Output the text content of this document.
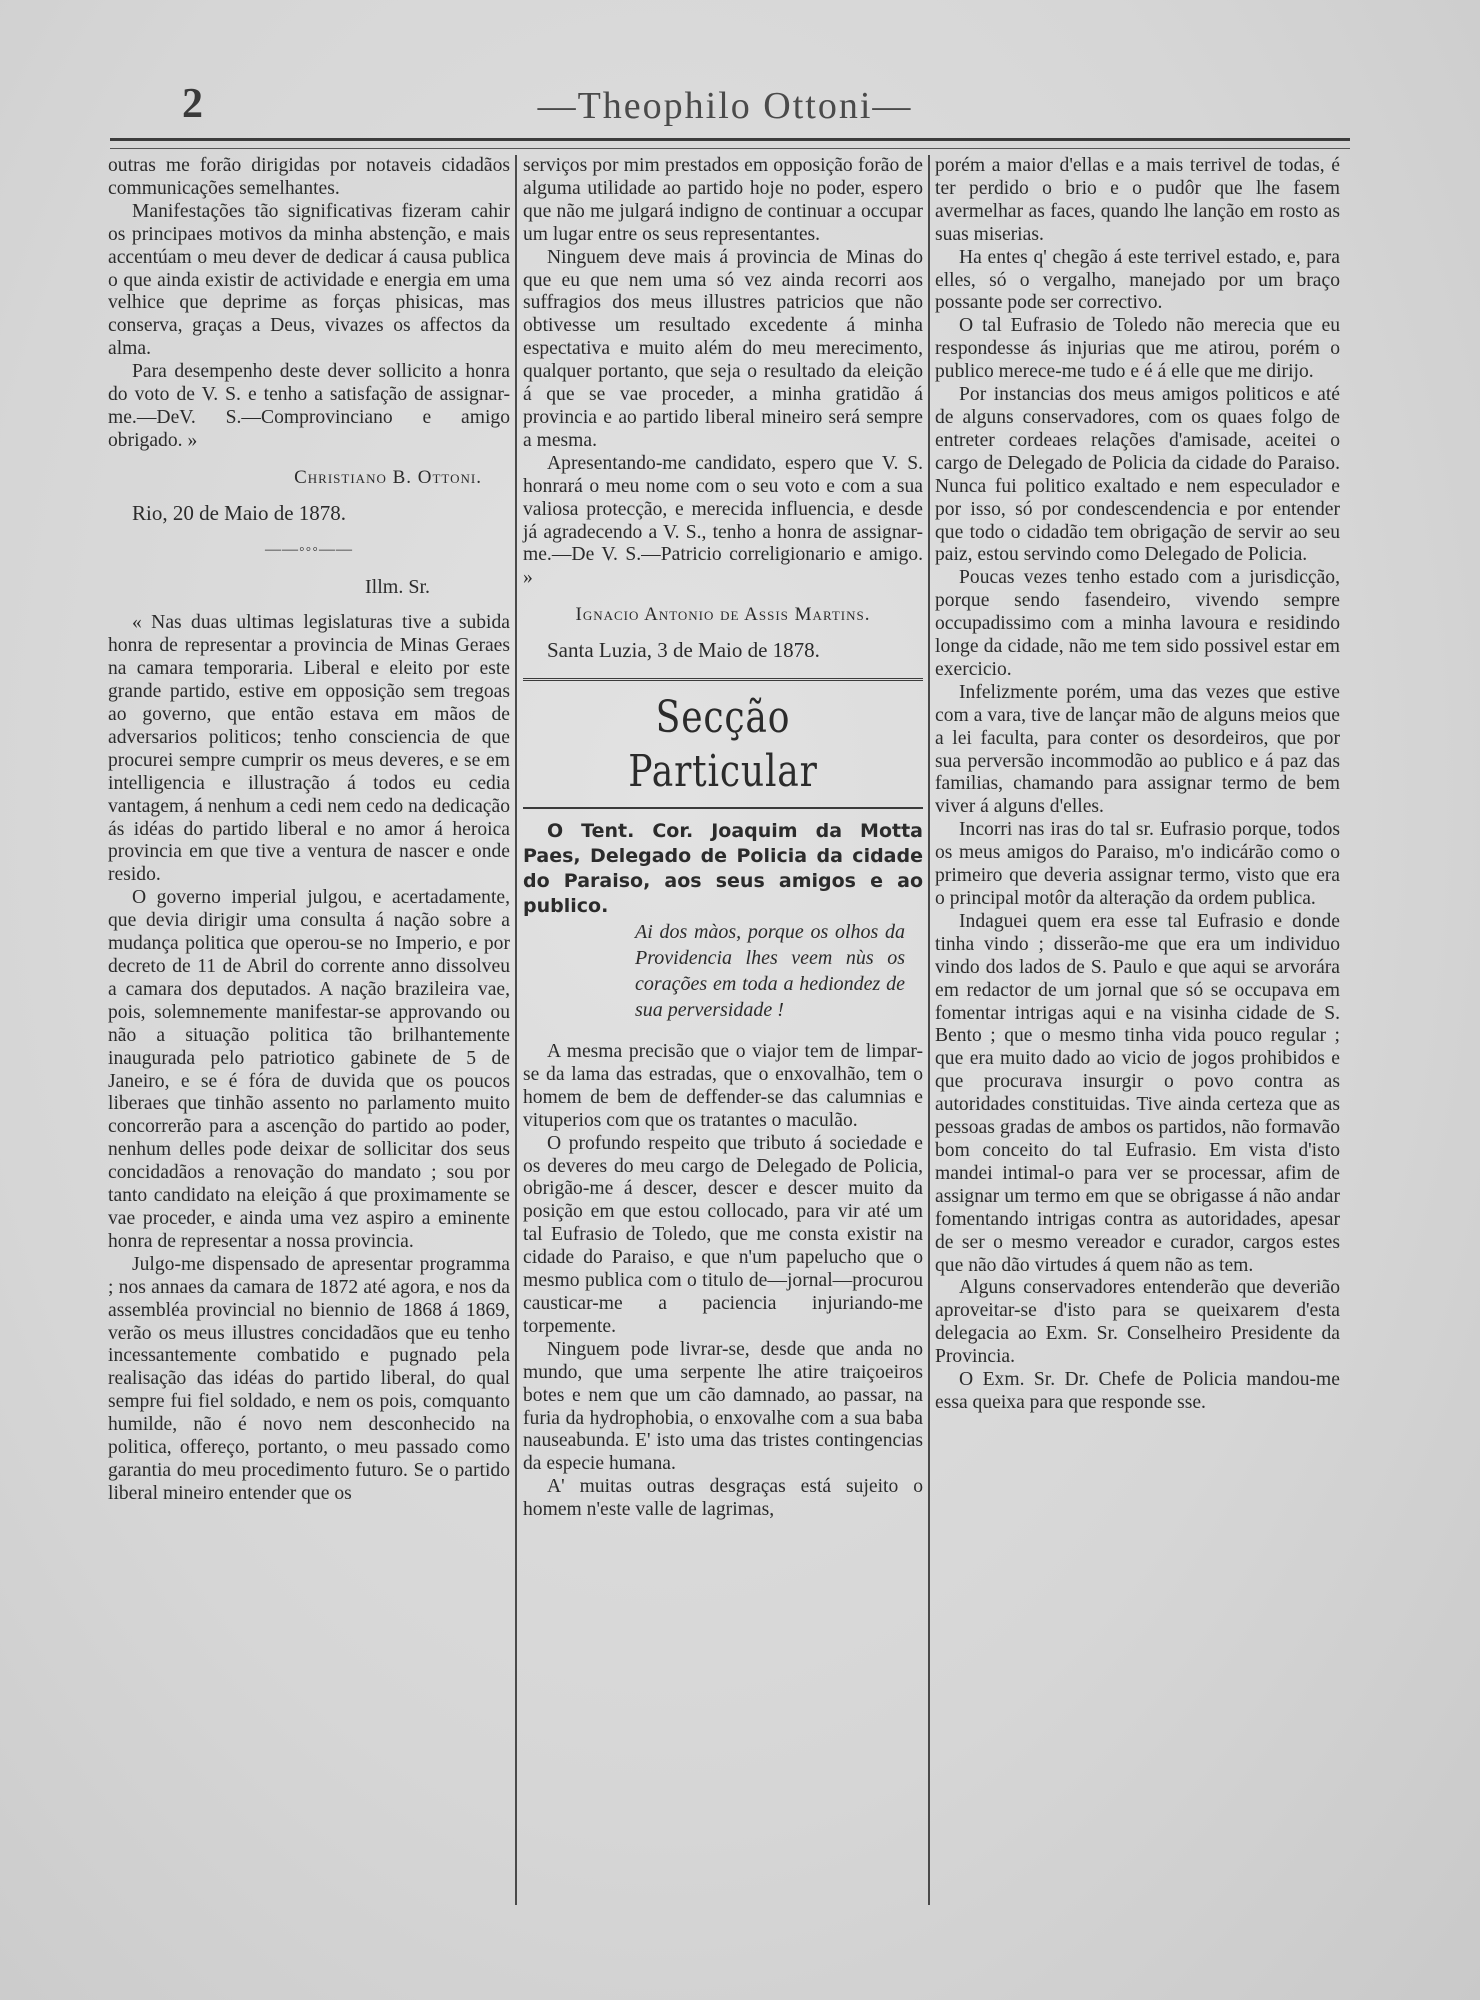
2	—Theophilo Ottoni—

outras me forão dirigidas por notaveis cidadãos communicações semelhantes.

Manifestações tão significativas fizeram cahir os principaes motivos da minha abstenção, e mais accentúam o meu dever de dedicar á causa publica o que ainda existir de actividade e energia em uma velhice que deprime as forças phisicas, mas conserva, graças a Deus, vivazes os affectos da alma.

Para desempenho deste dever sollicito a honra do voto de V. S. e tenho a satisfação de assignar-me.—DeV. S.—Comprovinciano e amigo obrigado. »

Christiano B. Ottoni.
Rio, 20 de Maio de 1878.
——◦◦◦——
Illm. Sr.

« Nas duas ultimas legislaturas tive a subida honra de representar a provincia de Minas Geraes na camara temporaria. Liberal e eleito por este grande partido, estive em opposição sem tregoas ao governo, que então estava em mãos de adversarios politicos; tenho consciencia de que procurei sempre cumprir os meus deveres, e se em intelligencia e illustração á todos eu cedia vantagem, á nenhum a cedi nem cedo na dedicação ás idéas do partido liberal e no amor á heroica provincia em que tive a ventura de nascer e onde resido.

O governo imperial julgou, e acertadamente, que devia dirigir uma consulta á nação sobre a mudança politica que operou-se no Imperio, e por decreto de 11 de Abril do corrente anno dissolveu a camara dos deputados. A nação brazileira vae, pois, solemnemente manifestar-se approvando ou não a situação politica tão brilhantemente inaugurada pelo patriotico gabinete de 5 de Janeiro, e se é fóra de duvida que os poucos liberaes que tinhão assento no parlamento muito concorrerão para a ascenção do partido ao poder, nenhum delles pode deixar de sollicitar dos seus concidadãos a renovação do mandato ; sou por tanto candidato na eleição á que proximamente se vae proceder, e ainda uma vez aspiro a eminente honra de representar a nossa provincia.

Julgo-me dispensado de apresentar programma ; nos annaes da camara de 1872 até agora, e nos da assembléa provincial no biennio de 1868 á 1869, verão os meus illustres concidadãos que eu tenho incessantemente combatido e pugnado pela realisação das idéas do partido liberal, do qual sempre fui fiel soldado, e nem os pois, comquanto humilde, não é novo nem desconhecido na politica, offereço, portanto, o meu passado como garantia do meu procedimento futuro. Se o partido liberal mineiro entender que os

serviços por mim prestados em opposição forão de alguma utilidade ao partido hoje no poder, espero que não me julgará indigno de continuar a occupar um lugar entre os seus representantes.

Ninguem deve mais á provincia de Minas do que eu que nem uma só vez ainda recorri aos suffragios dos meus illustres patricios que não obtivesse um resultado excedente á minha espectativa e muito além do meu merecimento, qualquer portanto, que seja o resultado da eleição á que se vae proceder, a minha gratidão á provincia e ao partido liberal mineiro será sempre a mesma.

Apresentando-me candidato, espero que V. S. honrará o meu nome com o seu voto e com a sua valiosa protecção, e merecida influencia, e desde já agradecendo a V. S., tenho a honra de assignar-me.—De V. S.—Patricio correligionario e amigo. »

Ignacio Antonio de Assis Martins.
Santa Luzia, 3 de Maio de 1878.
Secção Particular

O Tent. Cor. Joaquim da Motta Paes, Delegado de Policia da cidade do Paraiso, aos seus amigos e ao publico.

Ai dos màos, porque os olhos da Providencia lhes veem nùs os corações em toda a hediondez de sua perversidade !

A mesma precisão que o viajor tem de limpar-se da lama das estradas, que o enxovalhão, tem o homem de bem de deffender-se das calumnias e vituperios com que os tratantes o maculão.

O profundo respeito que tributo á sociedade e os deveres do meu cargo de Delegado de Policia, obrigão-me á descer, descer e descer muito da posição em que estou collocado, para vir até um tal Eufrasio de Toledo, que me consta existir na cidade do Paraiso, e que n'um papelucho que o mesmo publica com o titulo de—jornal—procurou causticar-me a paciencia injuriando-me torpemente.

Ninguem pode livrar-se, desde que anda no mundo, que uma serpente lhe atire traiçoeiros botes e nem que um cão damnado, ao passar, na furia da hydrophobia, o enxovalhe com a sua baba nauseabunda. E' isto uma das tristes contingencias da especie humana.

A' muitas outras desgraças está sujeito o homem n'este valle de lagrimas,

porém a maior d'ellas e a mais terrivel de todas, é ter perdido o brio e o pudôr que lhe fasem avermelhar as faces, quando lhe lanção em rosto as suas miserias.

Ha entes q' chegão á este terrivel estado, e, para elles, só o vergalho, manejado por um braço possante pode ser correctivo.

O tal Eufrasio de Toledo não merecia que eu respondesse ás injurias que me atirou, porém o publico merece-me tudo e é á elle que me dirijo.

Por instancias dos meus amigos politicos e até de alguns conservadores, com os quaes folgo de entreter cordeaes relações d'amisade, aceitei o cargo de Delegado de Policia da cidade do Paraiso. Nunca fui politico exaltado e nem especulador e por isso, só por condescendencia e por entender que todo o cidadão tem obrigação de servir ao seu paiz, estou servindo como Delegado de Policia.

Poucas vezes tenho estado com a jurisdicção, porque sendo fasendeiro, vivendo sempre occupadissimo com a minha lavoura e residindo longe da cidade, não me tem sido possivel estar em exercicio.

Infelizmente porém, uma das vezes que estive com a vara, tive de lançar mão de alguns meios que a lei faculta, para conter os desordeiros, que por sua perversão incommodão ao publico e á paz das familias, chamando para assignar termo de bem viver á alguns d'elles.

Incorri nas iras do tal sr. Eufrasio porque, todos os meus amigos do Paraiso, m'o indicárão como o primeiro que deveria assignar termo, visto que era o principal motôr da alteração da ordem publica.

Indaguei quem era esse tal Eufrasio e donde tinha vindo ; disserão-me que era um individuo vindo dos lados de S. Paulo e que aqui se arvorára em redactor de um jornal que só se occupava em fomentar intrigas aqui e na visinha cidade de S. Bento ; que o mesmo tinha vida pouco regular ; que era muito dado ao vicio de jogos prohibidos e que procurava insurgir o povo contra as autoridades constituidas. Tive ainda certeza que as pessoas gradas de ambos os partidos, não formavão bom conceito do tal Eufrasio. Em vista d'isto mandei intimal-o para ver se processar, afim de assignar um termo em que se obrigasse á não andar fomentando intrigas contra as autoridades, apesar de ser o mesmo vereador e curador, cargos estes que não dão virtudes á quem não as tem.

Alguns conservadores entenderão que deverião aproveitar-se d'isto para se queixarem d'esta delegacia ao Exm. Sr. Conselheiro Presidente da Provincia.

O Exm. Sr. Dr. Chefe de Policia mandou-me essa queixa para que responde sse.
